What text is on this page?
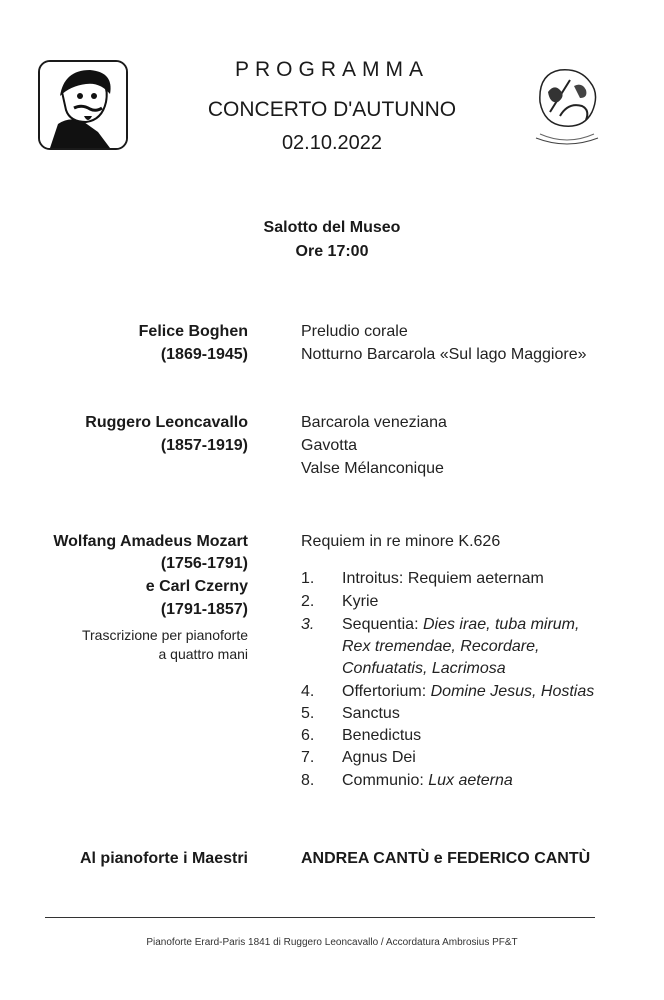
PROGRAMMA
CONCERTO D'AUTUNNO
02.10.2022
Salotto del Museo
Ore 17:00
Felice Boghen
(1869-1945)
Preludio corale
Notturno Barcarola «Sul lago Maggiore»
Ruggero Leoncavallo
(1857-1919)
Barcarola veneziana
Gavotta
Valse Mélanconique
Wolfang Amadeus Mozart
(1756-1791)
e Carl Czerny
(1791-1857)
Trascrizione per pianoforte
a quattro mani
Requiem in re minore K.626
1. Introitus: Requiem aeternam
2. Kyrie
3. Sequentia: Dies irae, tuba mirum,
Rex tremendae, Recordare,
Confuatatis, Lacrimosa
4. Offertorium: Domine Jesus, Hostias
5. Sanctus
6. Benedictus
7. Agnus Dei
8. Communio: Lux aeterna
Al pianoforte i Maestri	ANDREA CANTÙ e FEDERICO CANTÙ
Pianoforte Erard-Paris 1841 di Ruggero Leoncavallo / Accordatura Ambrosius PF&T
